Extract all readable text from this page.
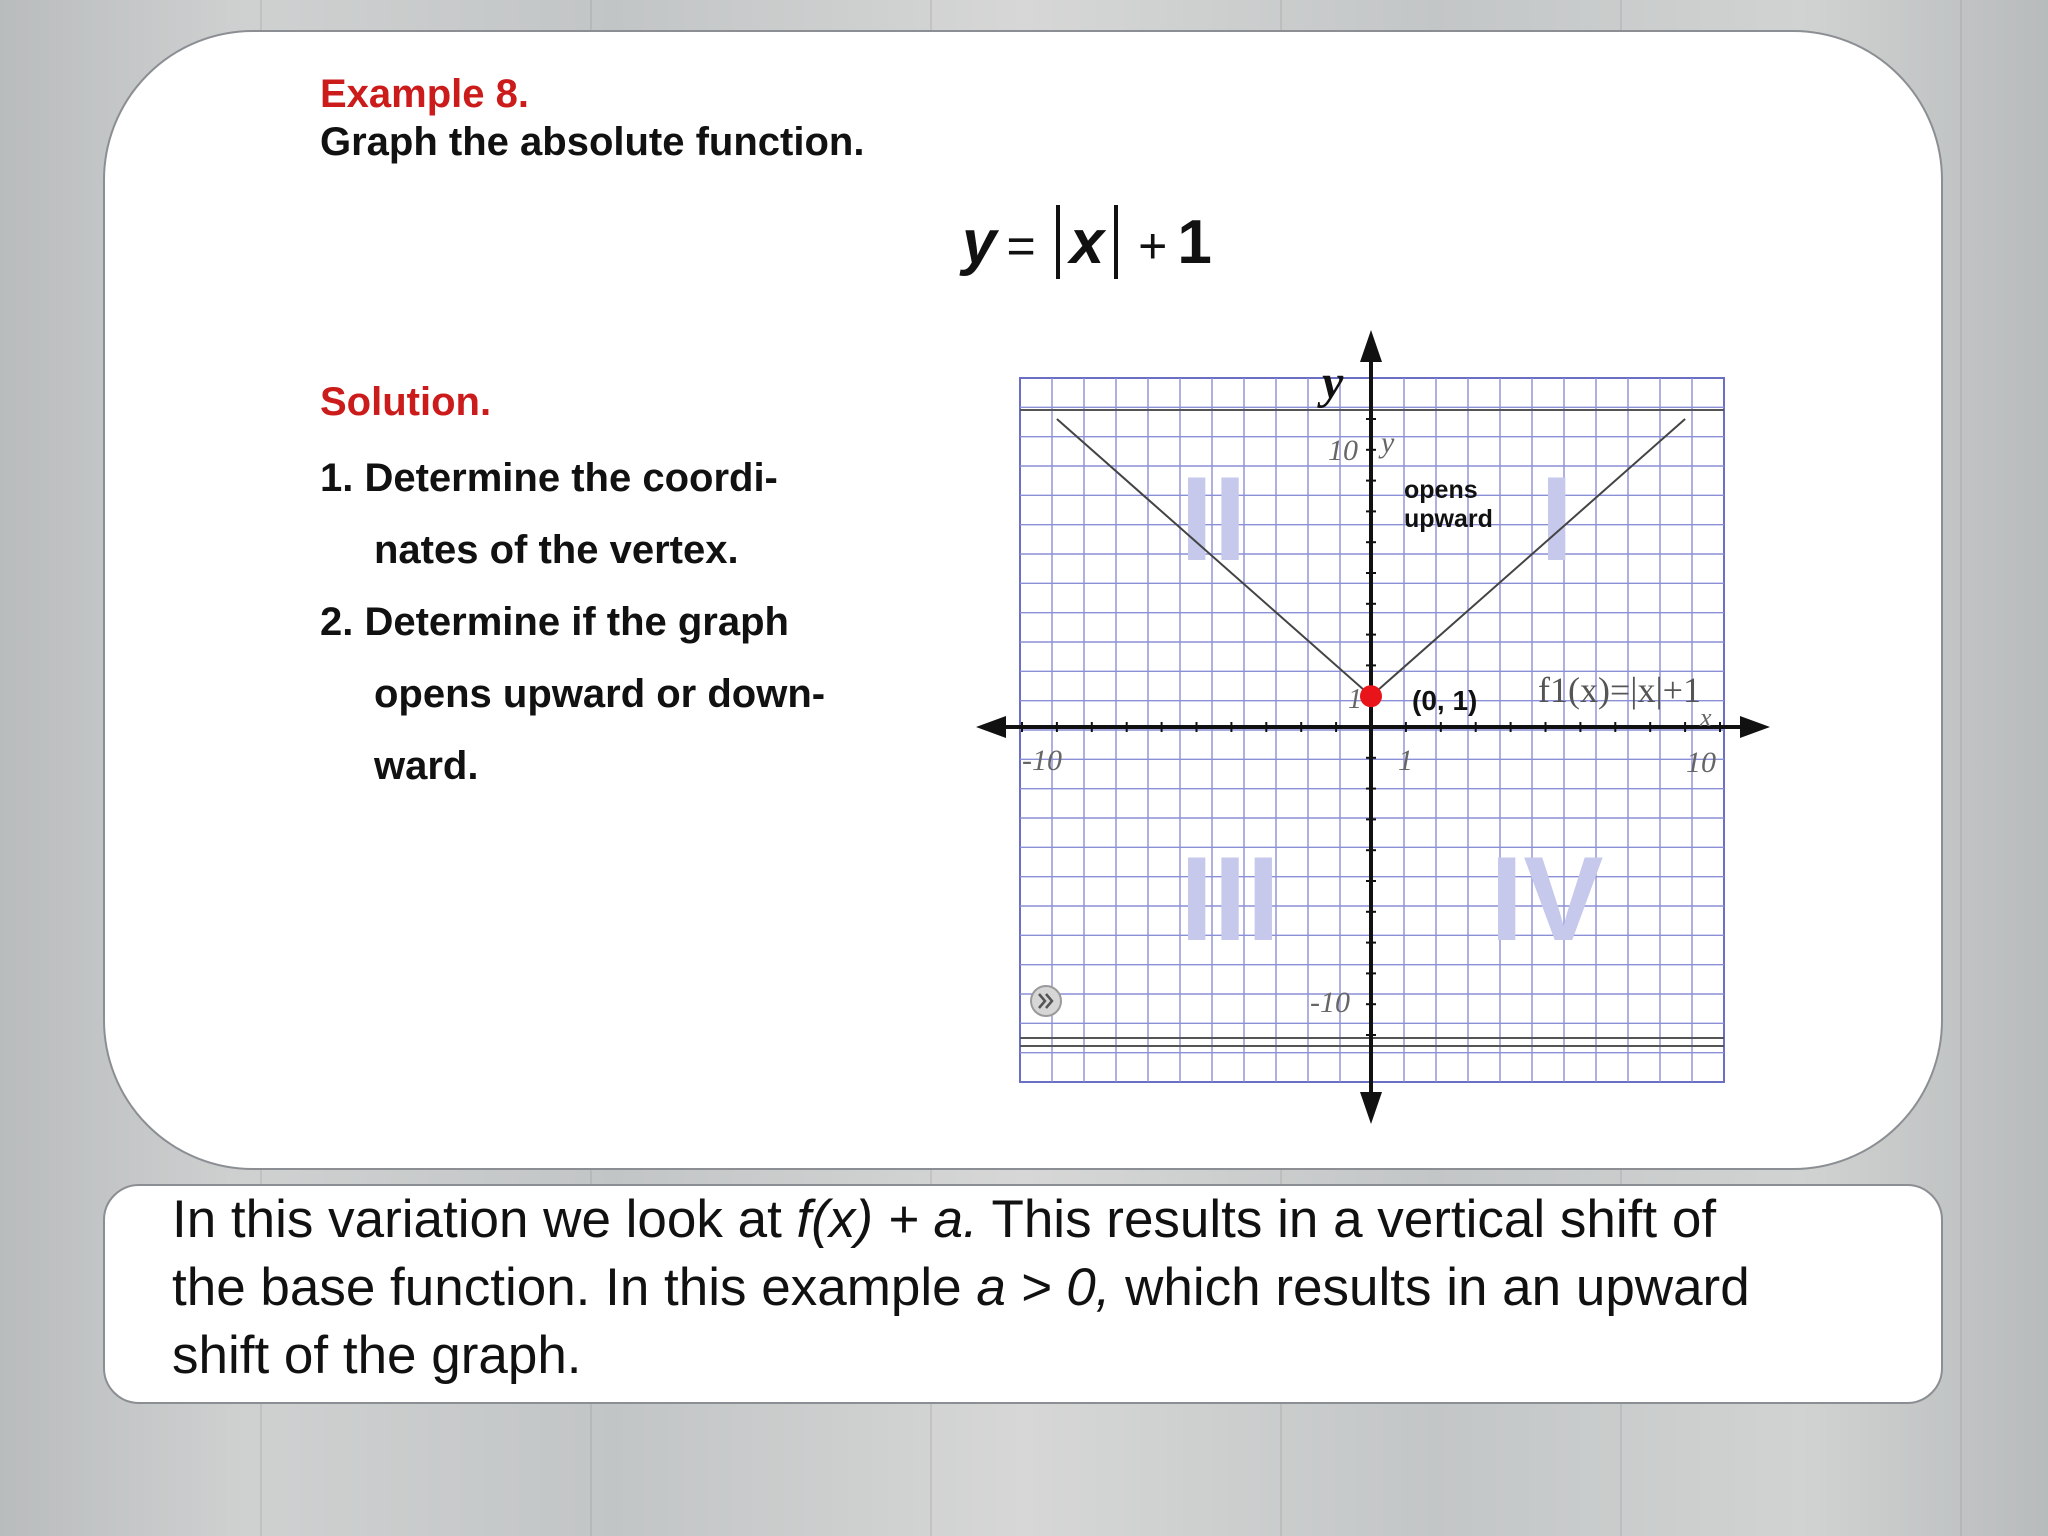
Example 8.
Graph the absolute function.
y = x + 1
Solution.
1. Determine the coordi-
nates of the vertex.
2. Determine if the graph
opens upward or down-
ward.
I
II
III IV
y
10 y
-10
-10	1	10
1
x
opens
upward
(0, 1) f1(x)=|x|+1
In this variation we look at f(x) + a. This results in a vertical shift of
the base function. In this example a > 0, which results in an upward
shift of the graph.
